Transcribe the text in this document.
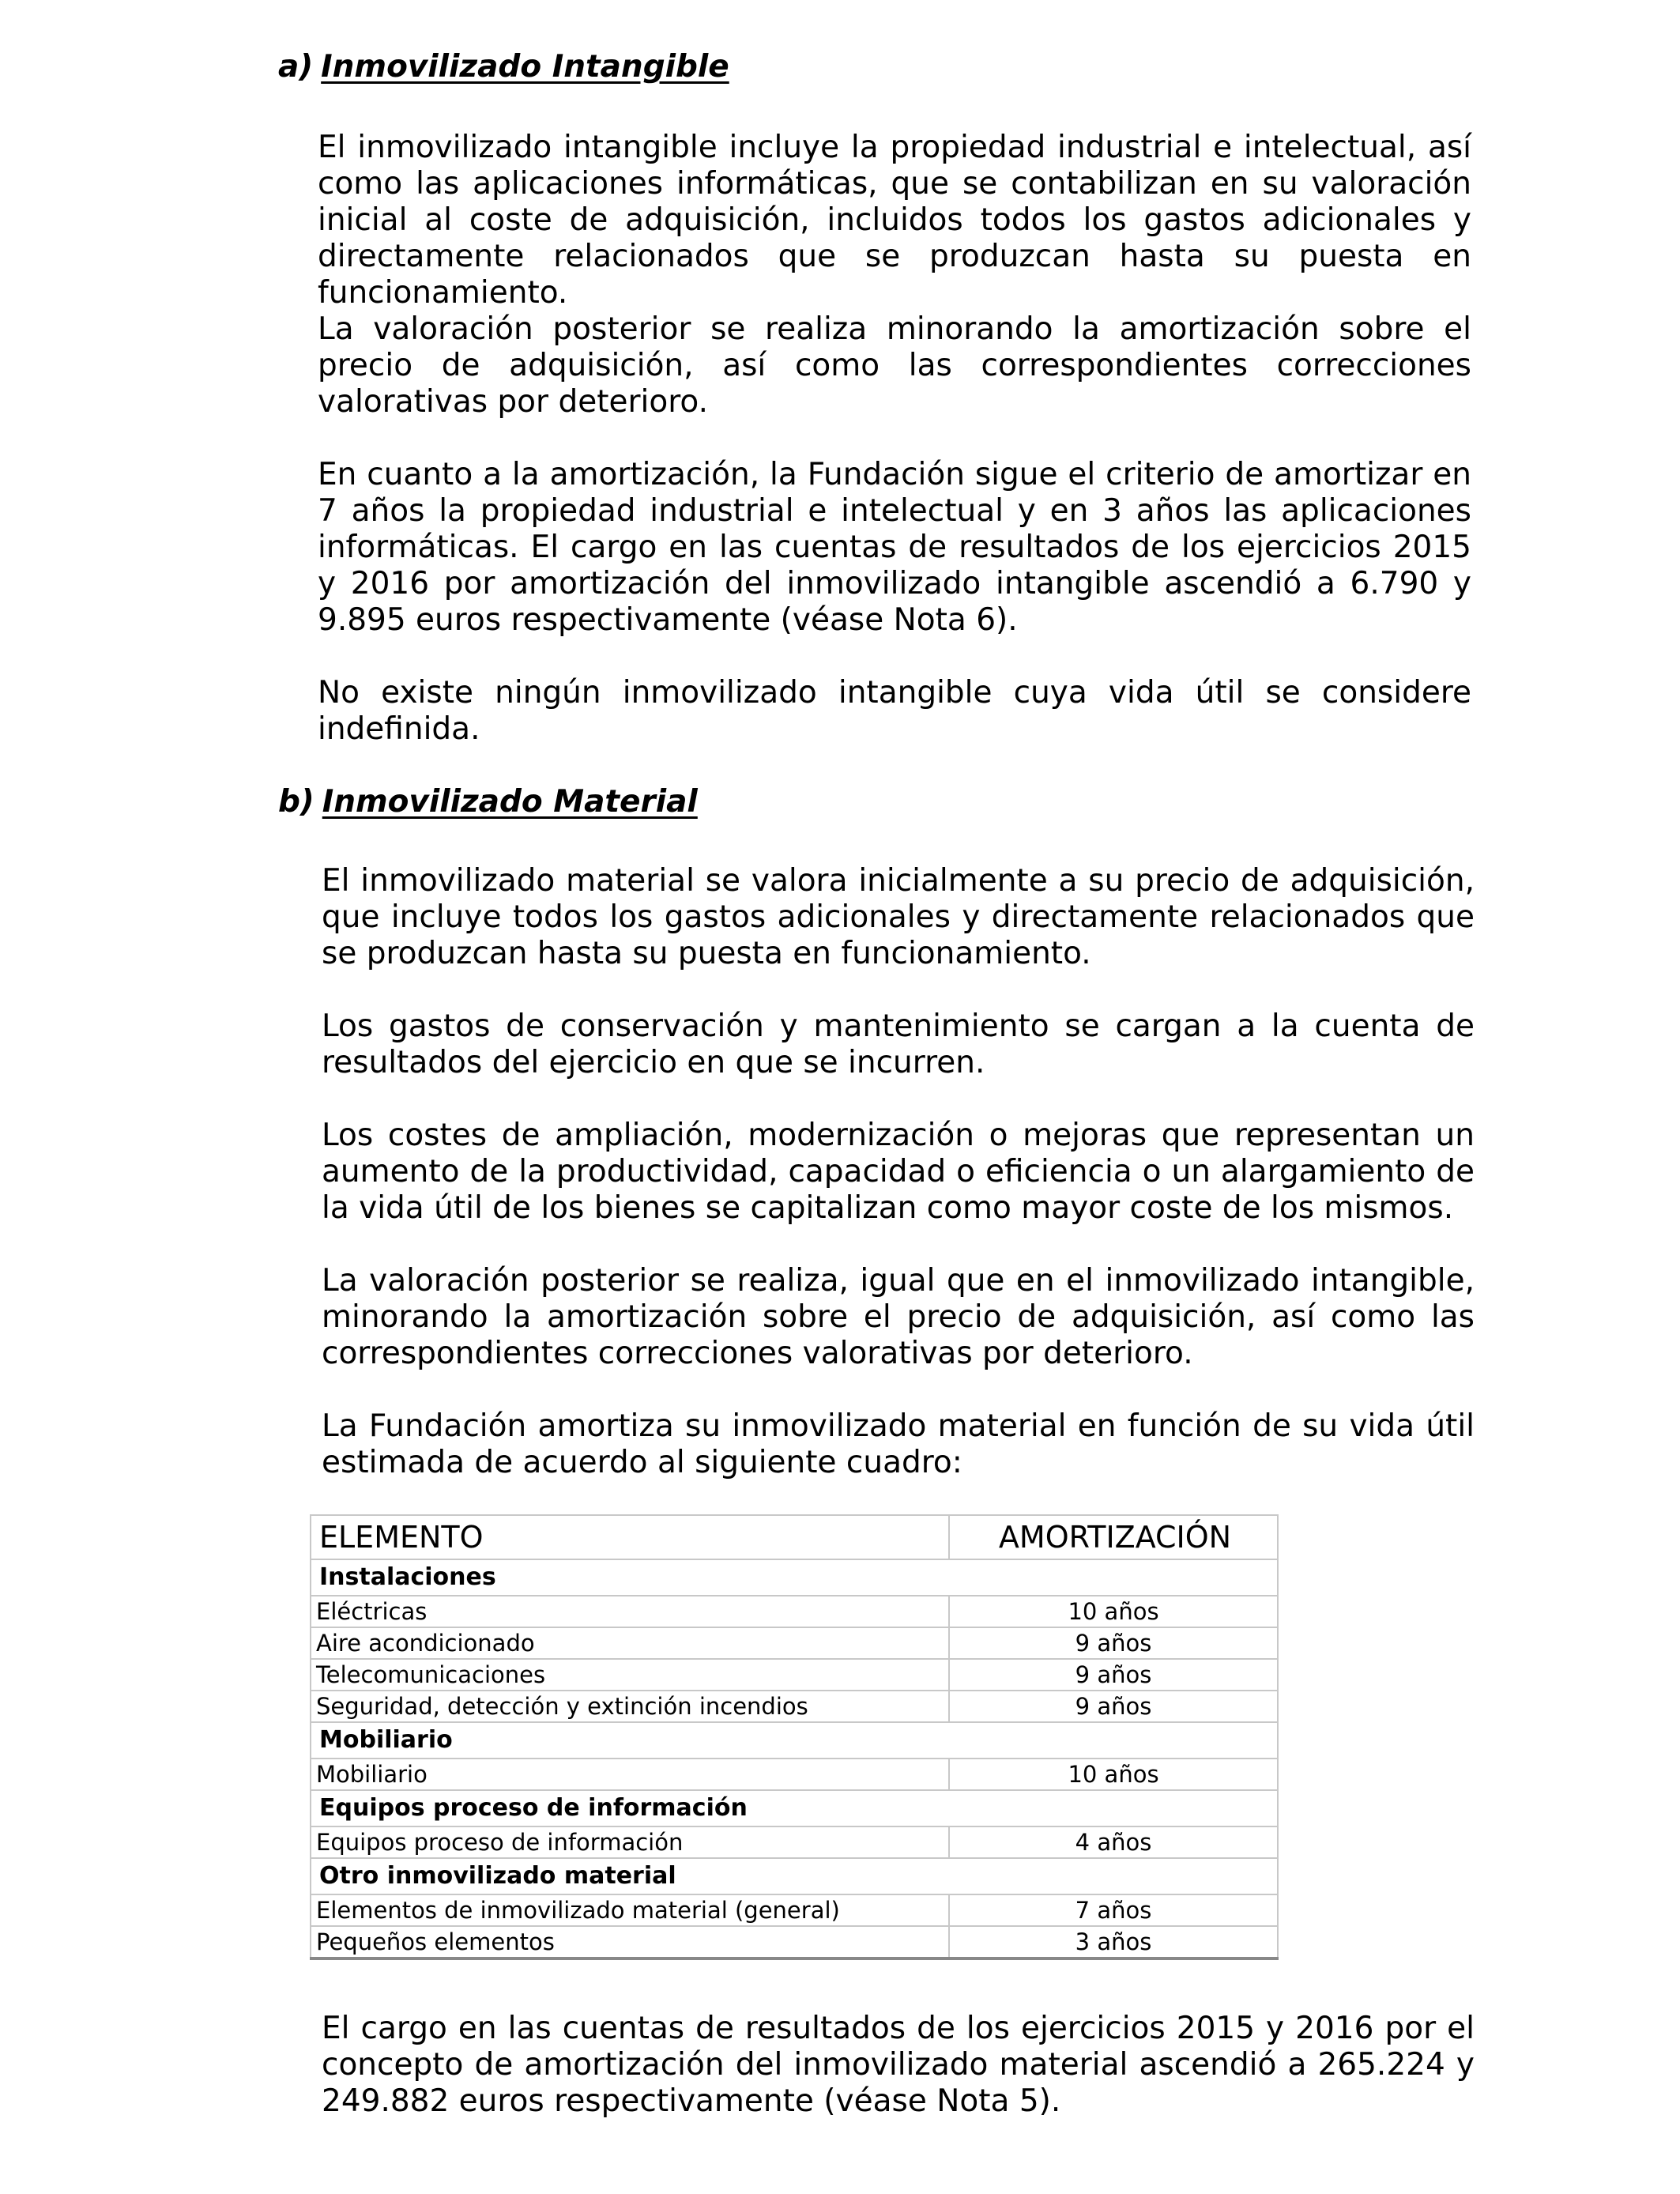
a) Inmovilizado Intangible

El inmovilizado intangible incluye la propiedad industrial e intelectual, así como las aplicaciones informáticas, que se contabilizan en su valoración inicial al coste de adquisición, incluidos todos los gastos adicionales y directamente relacionados que se produzcan hasta su puesta en funcionamiento.

La valoración posterior se realiza minorando la amortización sobre el precio de adquisición, así como las correspondientes correcciones valorativas por deterioro.

En cuanto a la amortización, la Fundación sigue el criterio de amortizar en 7 años la propiedad industrial e intelectual y en 3 años las aplicaciones informáticas. El cargo en las cuentas de resultados de los ejercicios 2015 y 2016 por amortización del inmovilizado intangible ascendió a 6.790 y 9.895 euros respectivamente (véase Nota 6).

No existe ningún inmovilizado intangible cuya vida útil se considere indefinida.

b) Inmovilizado Material

El inmovilizado material se valora inicialmente a su precio de adquisición, que incluye todos los gastos adicionales y directamente relacionados que se produzcan hasta su puesta en funcionamiento.

Los gastos de conservación y mantenimiento se cargan a la cuenta de resultados del ejercicio en que se incurren.

Los costes de ampliación, modernización o mejoras que representan un aumento de la productividad, capacidad o eficiencia o un alargamiento de la vida útil de los bienes se capitalizan como mayor coste de los mismos.

La valoración posterior se realiza, igual que en el inmovilizado intangible, minorando la amortización sobre el precio de adquisición, así como las correspondientes correcciones valorativas por deterioro.

La Fundación amortiza su inmovilizado material en función de su vida útil estimada de acuerdo al siguiente cuadro:

ELEMENTO	AMORTIZACIÓN
Instalaciones	
Eléctricas	10 años
Aire acondicionado	9 años
Telecomunicaciones	9 años
Seguridad, detección y extinción incendios	9 años
Mobiliario	
Mobiliario	10 años
Equipos proceso de información	
Equipos proceso de información	4 años
Otro inmovilizado material	
Elementos de inmovilizado material (general)	7 años
Pequeños elementos	3 años

El cargo en las cuentas de resultados de los ejercicios 2015 y 2016 por el concepto de amortización del inmovilizado material ascendió a 265.224 y 249.882 euros respectivamente (véase Nota 5).
